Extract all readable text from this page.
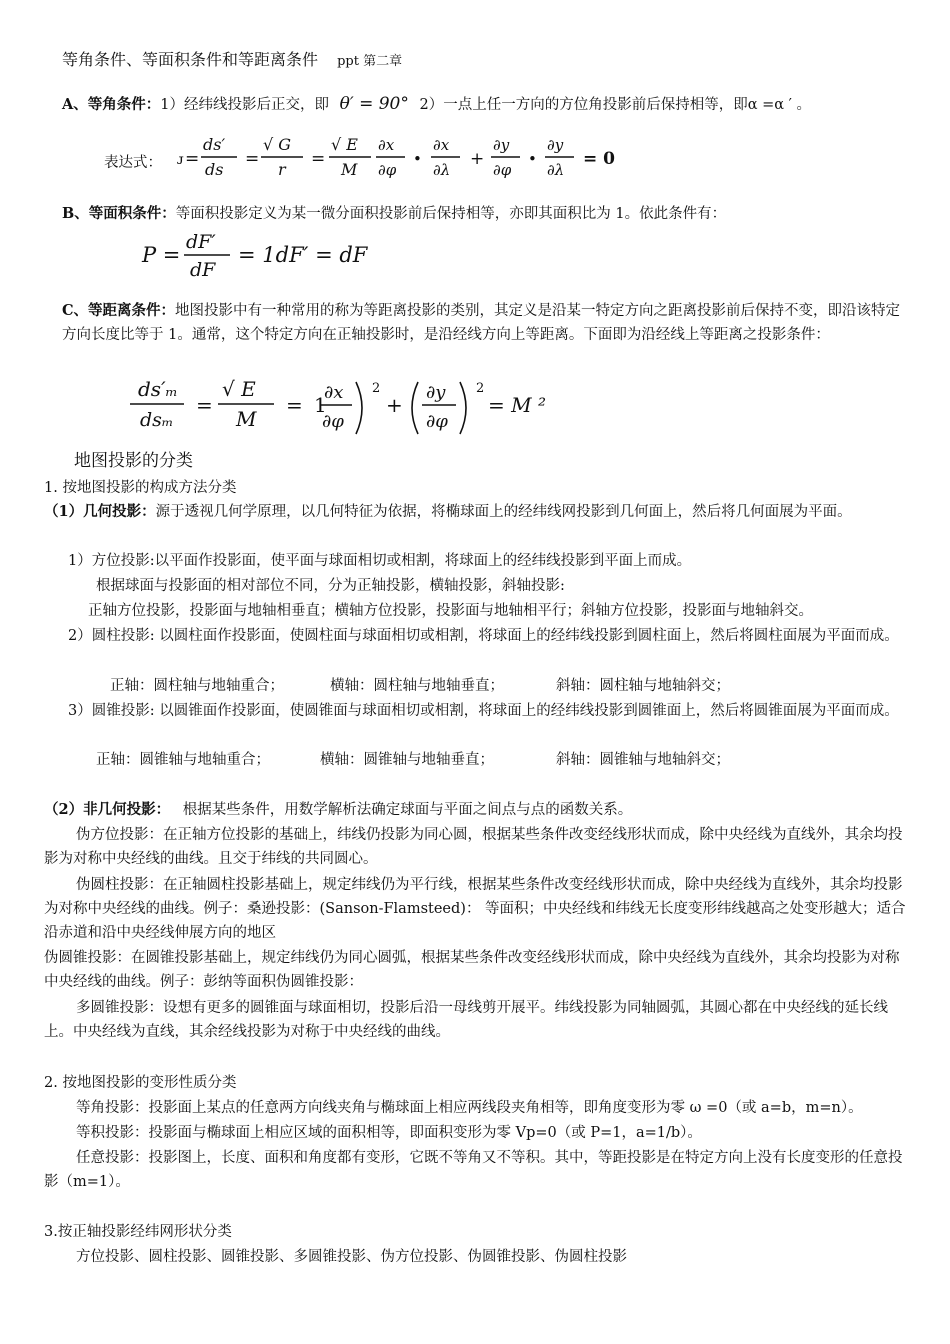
等角条件、等面积条件和等距离条件 ppt 第二章
A、等角条件：1）经纬线投影后正交，即 θ′ = 90° 2）一点上任一方向的方位角投影前后保持相等，即α =α ′ 。
表达式： ᴊ =
ds′
ds
=
√ G
r
=
√ E
M
∂x
∂φ
•
∂x
∂λ
+
∂y
∂φ
•
∂y
∂λ
= 0
B、等面积条件：等面积投影定义为某一微分面积投影前后保持相等，亦即其面积比为 1。依此条件有：
P =
dF′
dF
= 1dF′ = dF
C、等距离条件：地图投影中有一种常用的称为等距离投影的类别，其定义是沿某一特定方向之距离投影前后保持不变，即沿该特定方向长度比等于 1。通常，这个特定方向在正轴投影时，是沿经线方向上等距离。下面即为沿经线上等距离之投影条件：
ds′ₘ
dsₘ
=
√ E
M
= 1
∂x
∂φ
2
+
∂y
∂φ
2
= M ²
地图投影的分类
1. 按地图投影的构成方法分类
（1）几何投影：源于透视几何学原理，以几何特征为依据，将椭球面上的经纬线网投影到几何面上，然后将几何面展为平面。
1）方位投影:以平面作投影面，使平面与球面相切或相割，将球面上的经纬线投影到平面上而成。
根据球面与投影面的相对部位不同，分为正轴投影，横轴投影，斜轴投影:
正轴方位投影，投影面与地轴相垂直；横轴方位投影，投影面与地轴相平行；斜轴方位投影，投影面与地轴斜交。
2）圆柱投影: 以圆柱面作投影面，使圆柱面与球面相切或相割，将球面上的经纬线投影到圆柱面上，然后将圆柱面展为平面而成。
正轴：圆柱轴与地轴重合；	横轴：圆柱轴与地轴垂直；	斜轴：圆柱轴与地轴斜交；
3）圆锥投影: 以圆锥面作投影面，使圆锥面与球面相切或相割，将球面上的经纬线投影到圆锥面上，然后将圆锥面展为平面而成。
正轴：圆锥轴与地轴重合；	横轴：圆锥轴与地轴垂直；	斜轴：圆锥轴与地轴斜交；
（2）非几何投影： 根据某些条件，用数学解析法确定球面与平面之间点与点的函数关系。
伪方位投影：在正轴方位投影的基础上，纬线仍投影为同心圆，根据某些条件改变经线形状而成，除中央经线为直线外，其余均投影为对称中央经线的曲线。且交于纬线的共同圆心。
伪圆柱投影：在正轴圆柱投影基础上，规定纬线仍为平行线，根据某些条件改变经线形状而成，除中央经线为直线外，其余均投影为对称中央经线的曲线。例子：桑逊投影：(Sanson-Flamsteed)： 等面积；中央经线和纬线无长度变形纬线越高之处变形越大；适合沿赤道和沿中央经线伸展方向的地区
伪圆锥投影：在圆锥投影基础上，规定纬线仍为同心圆弧，根据某些条件改变经线形状而成，除中央经线为直线外，其余均投影为对称中央经线的曲线。例子：彭纳等面积伪圆锥投影：
多圆锥投影：设想有更多的圆锥面与球面相切，投影后沿一母线剪开展平。纬线投影为同轴圆弧，其圆心都在中央经线的延长线上。中央经线为直线，其余经线投影为对称于中央经线的曲线。
2. 按地图投影的变形性质分类
等角投影：投影面上某点的任意两方向线夹角与椭球面上相应两线段夹角相等，即角度变形为零 ω =0（或 a=b，m=n）。
等积投影：投影面与椭球面上相应区域的面积相等，即面积变形为零 Vp=0（或 P=1，a=1/b）。
任意投影：投影图上，长度、面积和角度都有变形，它既不等角又不等积。其中，等距投影是在特定方向上没有长度变形的任意投影（m=1）。
3.按正轴投影经纬网形状分类
方位投影、圆柱投影、圆锥投影、多圆锥投影、伪方位投影、伪圆锥投影、伪圆柱投影
